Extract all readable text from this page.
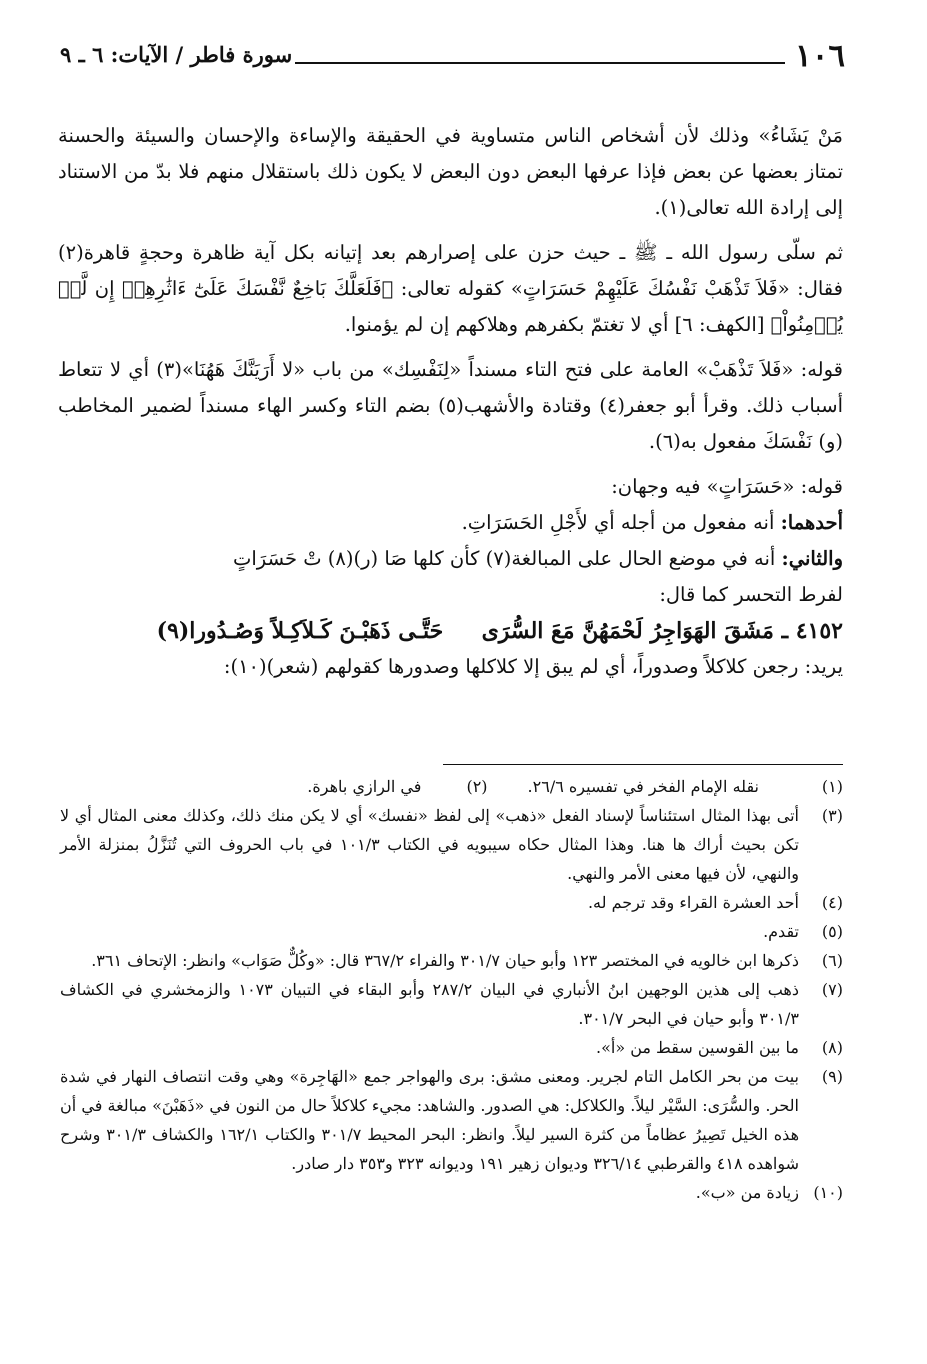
١٠٦
سورة فاطر / الآيات: ٦ ـ ٩

مَنْ يَشَاءُ» وذلك لأن أشخاص الناس متساوية في الحقيقة والإساءة والإحسان والسيئة والحسنة تمتاز بعضها عن بعض فإذا عرفها البعض دون البعض لا يكون ذلك باستقلال منهم فلا بدّ من الاستناد إلى إرادة الله تعالى(١).

ثم سلّى رسول الله ـ ﷺ ـ حيث حزن على إصرارهم بعد إتيانه بكل آية ظاهرة وحجةٍ قاهرة(٢) فقال: «فَلاَ تَذْهَبْ نَفْسُكَ عَلَيْهِمْ حَسَرَاتٍ» كقوله تعالى: ﴿فَلَعَلَّكَ بَاخِعٌ نَّفْسَكَ عَلَىٰٓ ءَاثَٰرِهِمۡ إِن لَّمۡ يُؤۡمِنُواْ﴾ [الكهف: ٦] أي لا تغتمّ بكفرهم وهلاكهم إن لم يؤمنوا.

قوله: «فَلاَ تَذْهَبْ» العامة على فتح التاء مسنداً «لِنَفْسِك» من باب «لا أَرَيَنَّكَ هَهُنَا»(٣) أي لا تتعاط أسباب ذلك. وقرأ أبو جعفر(٤) وقتادة والأشهب(٥) بضم التاء وكسر الهاء مسنداً لضمير المخاطب (و) نَفْسَكَ مفعول به(٦).

قوله: «حَسَرَاتٍ» فيه وجهان:

أحدهما: أنه مفعول من أجله أي لأَجْلِ الحَسَرَاتِ.

والثاني: أنه في موضع الحال على المبالغة(٧) كأن كلها صَا (ر)(٨) تْ حَسَرَاتٍ

لفرط التحسر كما قال:

٤١٥٢ ـ مَشَقَ الهَوَاجِرُ لَحْمَهُنَّ مَعَ السُّرَى     حَتَّـى ذَهَبْـنَ كَـلاَكِـلاً وَصُـدُورا(٩)

يريد: رجعن كلاكلاً وصدوراً، أي لم يبق إلا كلاكلها وصدورها كقولهم (شعر)(١٠):

(١)
نقله الإمام الفخر في تفسيره ٢٦/٦.(٢) في الرازي باهرة.
(٣)
أتى بهذا المثال استئناساً لإسناد الفعل «ذهب» إلى لفظ «نفسك» أي لا يكن منك ذلك، وكذلك معنى المثال أي لا تكن بحيث أراك ها هنا. وهذا المثال حكاه سيبويه في الكتاب ١٠١/٣ في باب الحروف التي تُنَزَّلُ بمنزلة الأمر والنهي، لأن فيها معنى الأمر والنهي.
(٤)
أحد العشرة القراء وقد ترجم له.
(٥)
تقدم.
(٦)
ذكرها ابن خالويه في المختصر ١٢٣ وأبو حيان ٣٠١/٧ والفراء ٣٦٧/٢ قال: «وكُلٌّ صَوَاب» وانظر: الإتحاف ٣٦١.
(٧)
ذهب إلى هذين الوجهين ابنُ الأنباري في البيان ٢٨٧/٢ وأبو البقاء في التبيان ١٠٧٣ والزمخشري في الكشاف ٣٠١/٣ وأبو حيان في البحر ٣٠١/٧.
(٨)
ما بين القوسين سقط من «أ».
(٩)
بيت من بحر الكامل التام لجرير. ومعنى مشق: برى والهواجر جمع «الهَاجِرة» وهي وقت انتصاف النهار في شدة الحر. والسُّرَى: السَّيْر ليلاً. والكلاكل: هي الصدور. والشاهد: مجيء كلاكلاً حال من النون في «ذَهَبْنَ» مبالغة في أن هذه الخيل تَصِيرُ عظاماً من كثرة السير ليلاً. وانظر: البحر المحيط ٣٠١/٧ والكتاب ١٦٢/١ والكشاف ٣٠١/٣ وشرح شواهده ٤١٨ والقرطبي ٣٢٦/١٤ وديوان زهير ١٩١ وديوانه ٣٢٣ و٣٥٣ دار صادر.
(١٠)
زيادة من «ب».
